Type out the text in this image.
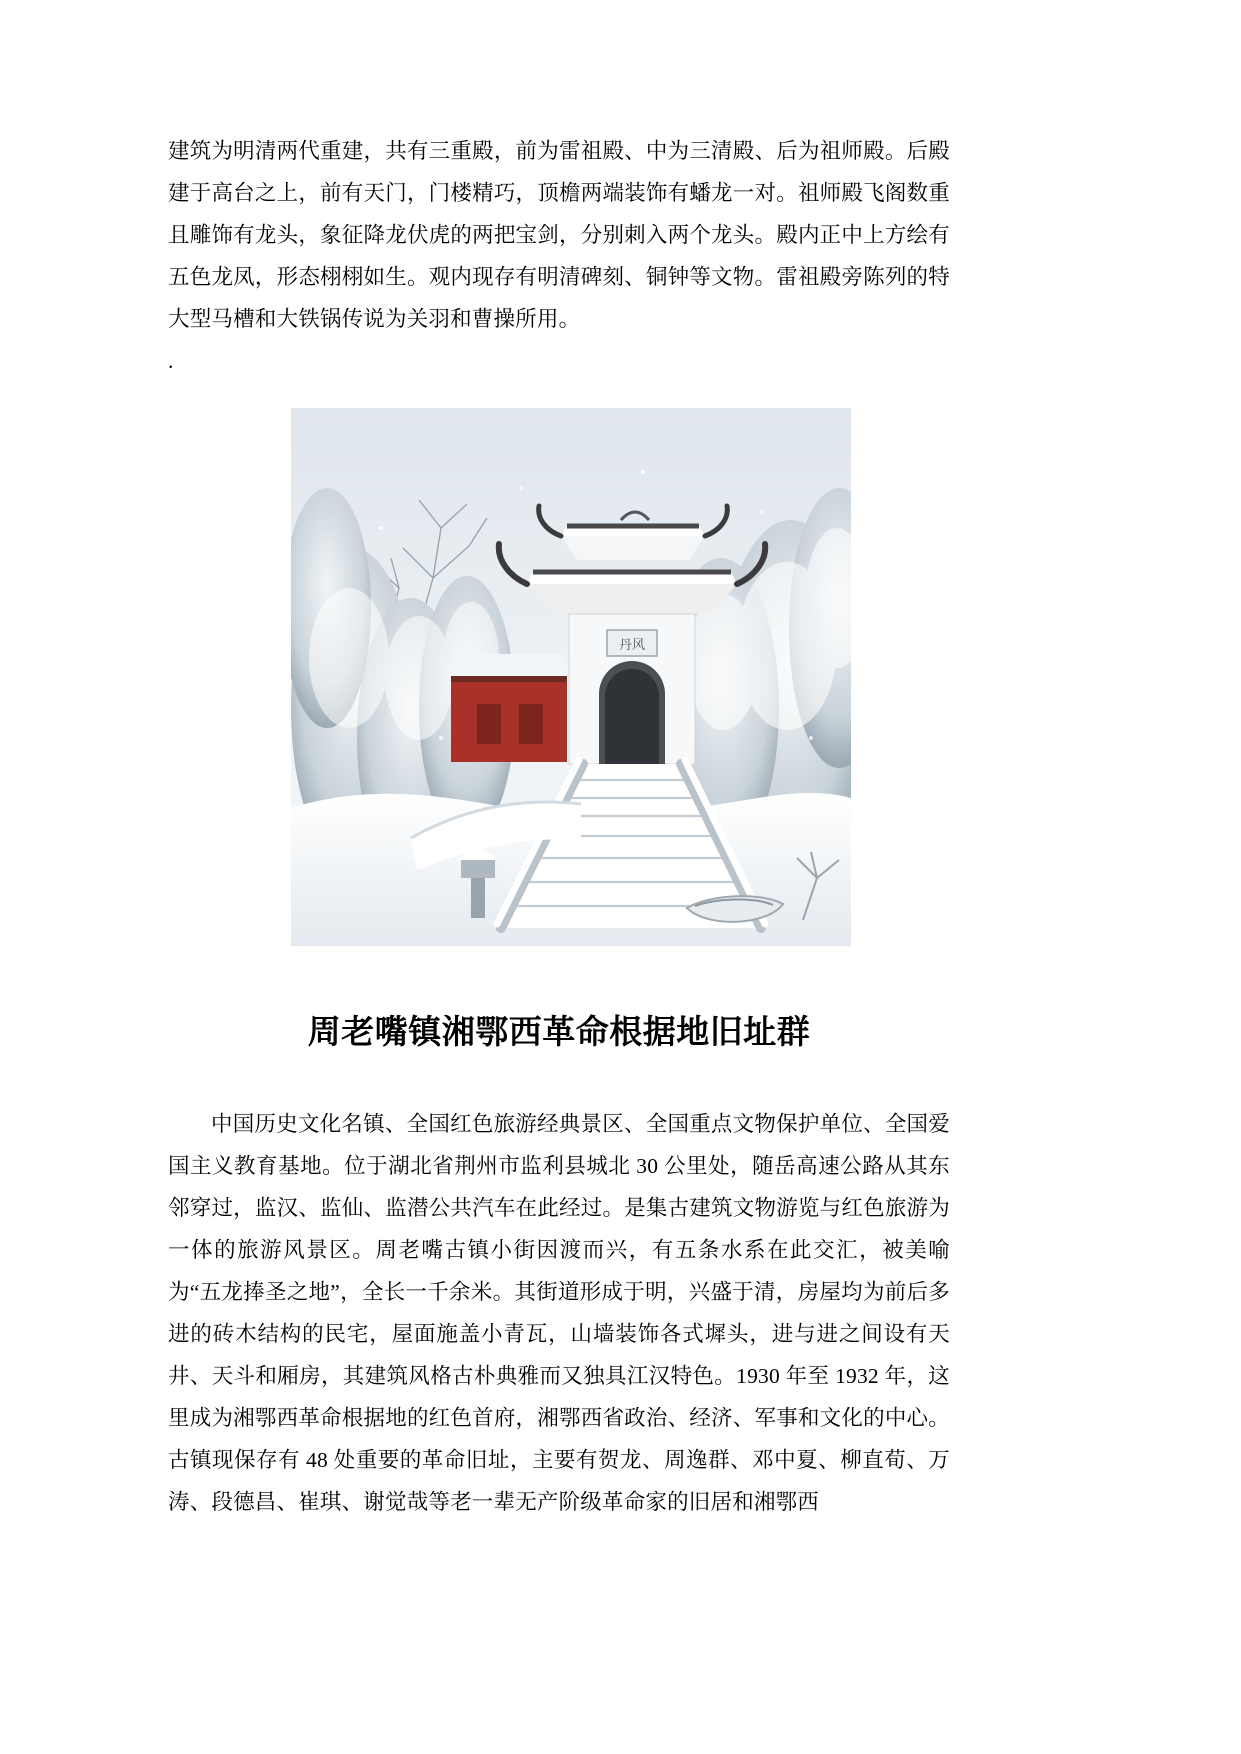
建筑为明清两代重建，共有三重殿，前为雷祖殿、中为三清殿、后为祖师殿。后殿建于高台之上，前有天门，门楼精巧，顶檐两端装饰有蟠龙一对。祖师殿飞阁数重且雕饰有龙头，象征降龙伏虎的两把宝剑，分别刺入两个龙头。殿内正中上方绘有五色龙凤，形态栩栩如生。观内现存有明清碑刻、铜钟等文物。雷祖殿旁陈列的特大型马槽和大铁锅传说为关羽和曹操所用。

.

丹风
周老嘴镇湘鄂西革命根据地旧址群

中国历史文化名镇、全国红色旅游经典景区、全国重点文物保护单位、全国爱国主义教育基地。位于湖北省荆州市监利县城北 30 公里处，随岳高速公路从其东邻穿过，监汉、监仙、监潜公共汽车在此经过。是集古建筑文物游览与红色旅游为一体的旅游风景区。周老嘴古镇小街因渡而兴，有五条水系在此交汇，被美喻为“五龙捧圣之地”，全长一千余米。其街道形成于明，兴盛于清，房屋均为前后多进的砖木结构的民宅，屋面施盖小青瓦，山墙装饰各式墀头，进与进之间设有天井、天斗和厢房，其建筑风格古朴典雅而又独具江汉特色。1930 年至 1932 年，这里成为湘鄂西革命根据地的红色首府，湘鄂西省政治、经济、军事和文化的中心。古镇现保存有 48 处重要的革命旧址，主要有贺龙、周逸群、邓中夏、柳直荀、万涛、段德昌、崔琪、谢觉哉等老一辈无产阶级革命家的旧居和湘鄂西
